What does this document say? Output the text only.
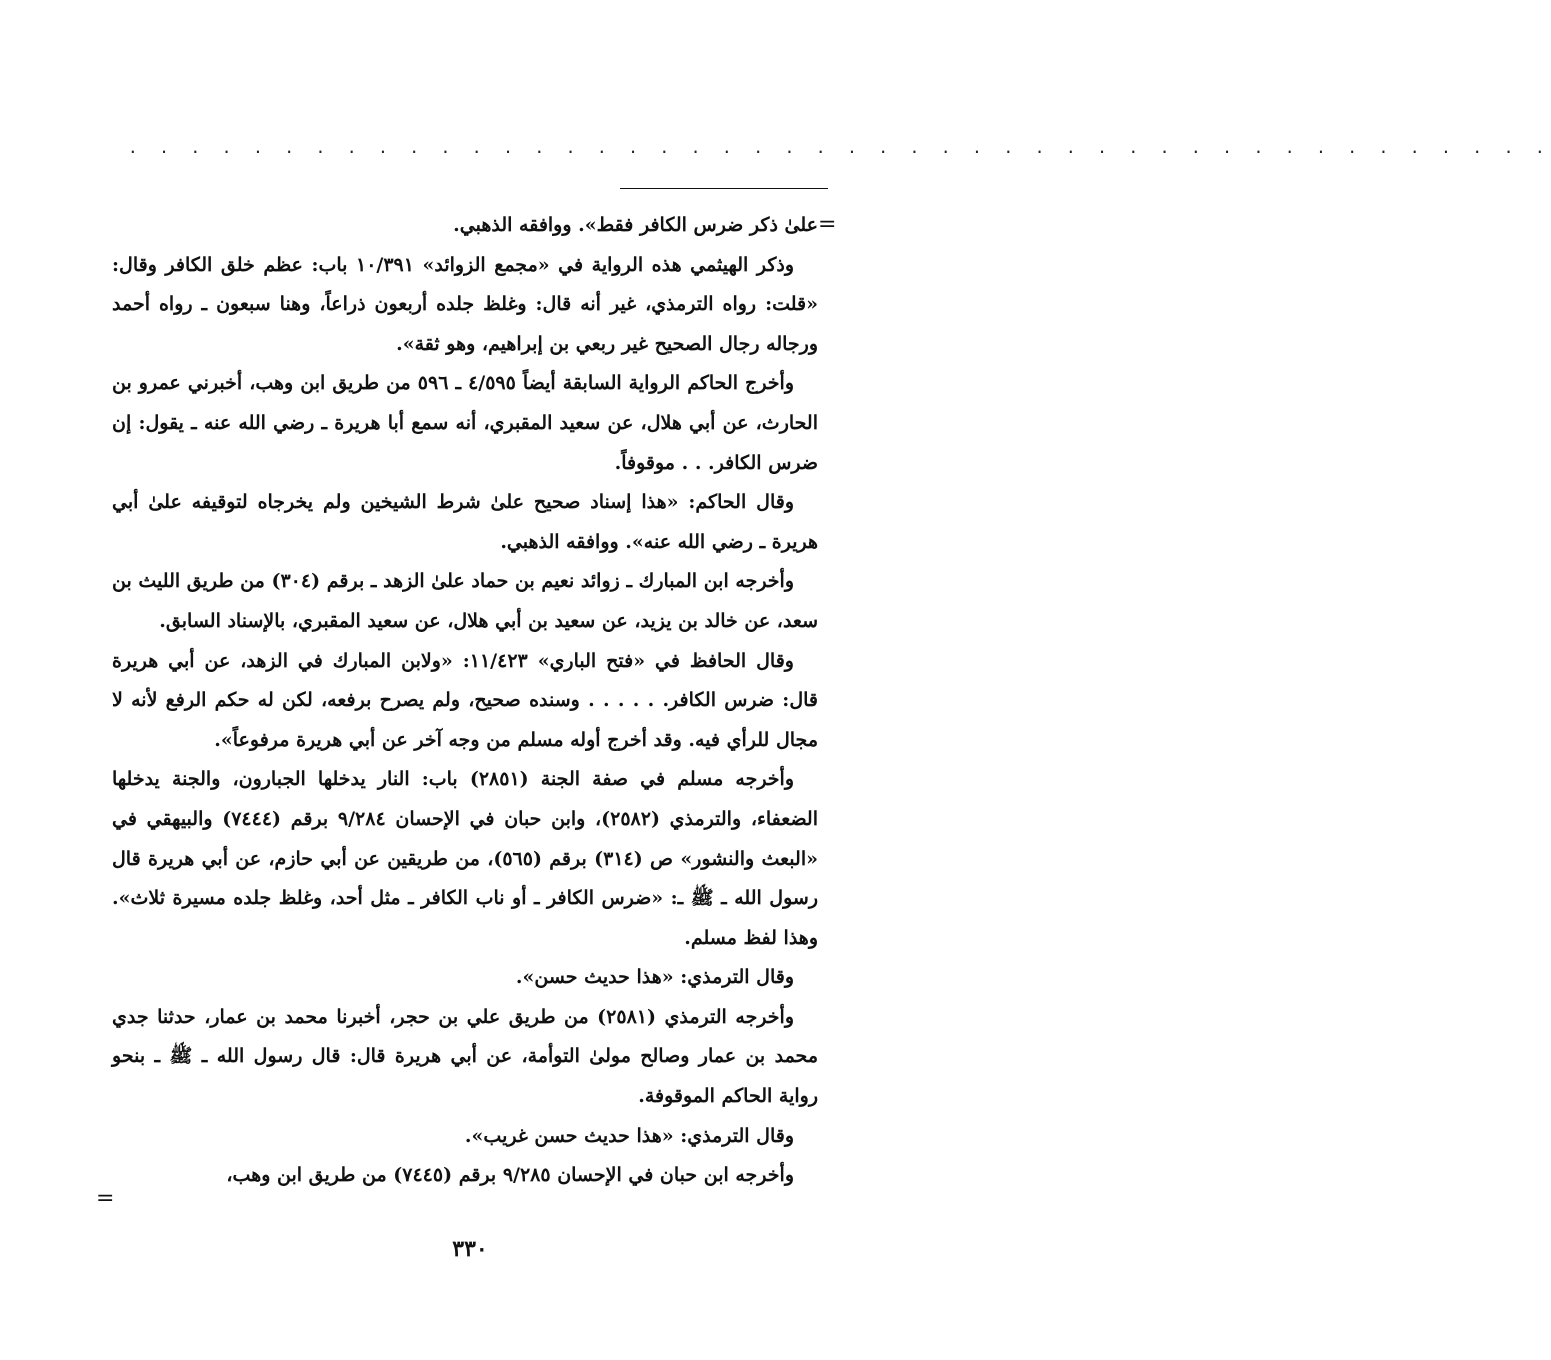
. . . . . . . . . . . . . . . . . . . . . . . . . . . . . . . . . . . . . . . . . . . . . .
=

علىٰ ذكر ضرس الكافر فقط». ووافقه الذهبي.

وذكر الهيثمي هذه الرواية في «مجمع الزوائد» ١٠/٣٩١ باب: عظم خلق الكافر وقال: «قلت: رواه الترمذي، غير أنه قال: وغلظ جلده أربعون ذراعاً، وهنا سبعون ـ رواه أحمد ورجاله رجال الصحيح غير ربعي بن إبراهيم، وهو ثقة».

وأخرج الحاكم الرواية السابقة أيضاً ٤/٥٩٥ ـ ٥٩٦ من طريق ابن وهب، أخبرني عمرو بن الحارث، عن أبي هلال، عن سعيد المقبري، أنه سمع أبا هريرة ـ رضي الله عنه ـ يقول: إن ضرس الكافر. . . موقوفاً.

وقال الحاكم: «هذا إسناد صحيح علىٰ شرط الشيخين ولم يخرجاه لتوقيفه علىٰ أبي هريرة ـ رضي الله عنه». ووافقه الذهبي.

وأخرجه ابن المبارك ـ زوائد نعيم بن حماد علىٰ الزهد ـ برقم (٣٠٤) من طريق الليث بن سعد، عن خالد بن يزيد، عن سعيد بن أبي هلال، عن سعيد المقبري، بالإسناد السابق.

وقال الحافظ في «فتح الباري» ١١/٤٢٣: «ولابن المبارك في الزهد، عن أبي هريرة قال: ضرس الكافر. . . . . . وسنده صحيح، ولم يصرح برفعه، لكن له حكم الرفع لأنه لا مجال للرأي فيه. وقد أخرج أوله مسلم من وجه آخر عن أبي هريرة مرفوعاً».

وأخرجه مسلم في صفة الجنة (٢٨٥١) باب: النار يدخلها الجبارون، والجنة يدخلها الضعفاء، والترمذي (٢٥٨٢)، وابن حبان في الإحسان ٩/٢٨٤ برقم (٧٤٤٤) والبيهقي في «البعث والنشور» ص (٣١٤) برقم (٥٦٥)، من طريقين عن أبي حازم، عن أبي هريرة قال رسول الله ـ ﷺ ـ: «ضرس الكافر ـ أو ناب الكافر ـ مثل أحد، وغلظ جلده مسيرة ثلاث». وهذا لفظ مسلم.

وقال الترمذي: «هذا حديث حسن».

وأخرجه الترمذي (٢٥٨١) من طريق علي بن حجر، أخبرنا محمد بن عمار، حدثنا جدي محمد بن عمار وصالح مولىٰ التوأمة، عن أبي هريرة قال: قال رسول الله ـ ﷺ ـ بنحو رواية الحاكم الموقوفة.

وقال الترمذي: «هذا حديث حسن غريب».

وأخرجه ابن حبان في الإحسان ٩/٢٨٥ برقم (٧٤٤٥) من طريق ابن وهب،

=
٣٣٠
